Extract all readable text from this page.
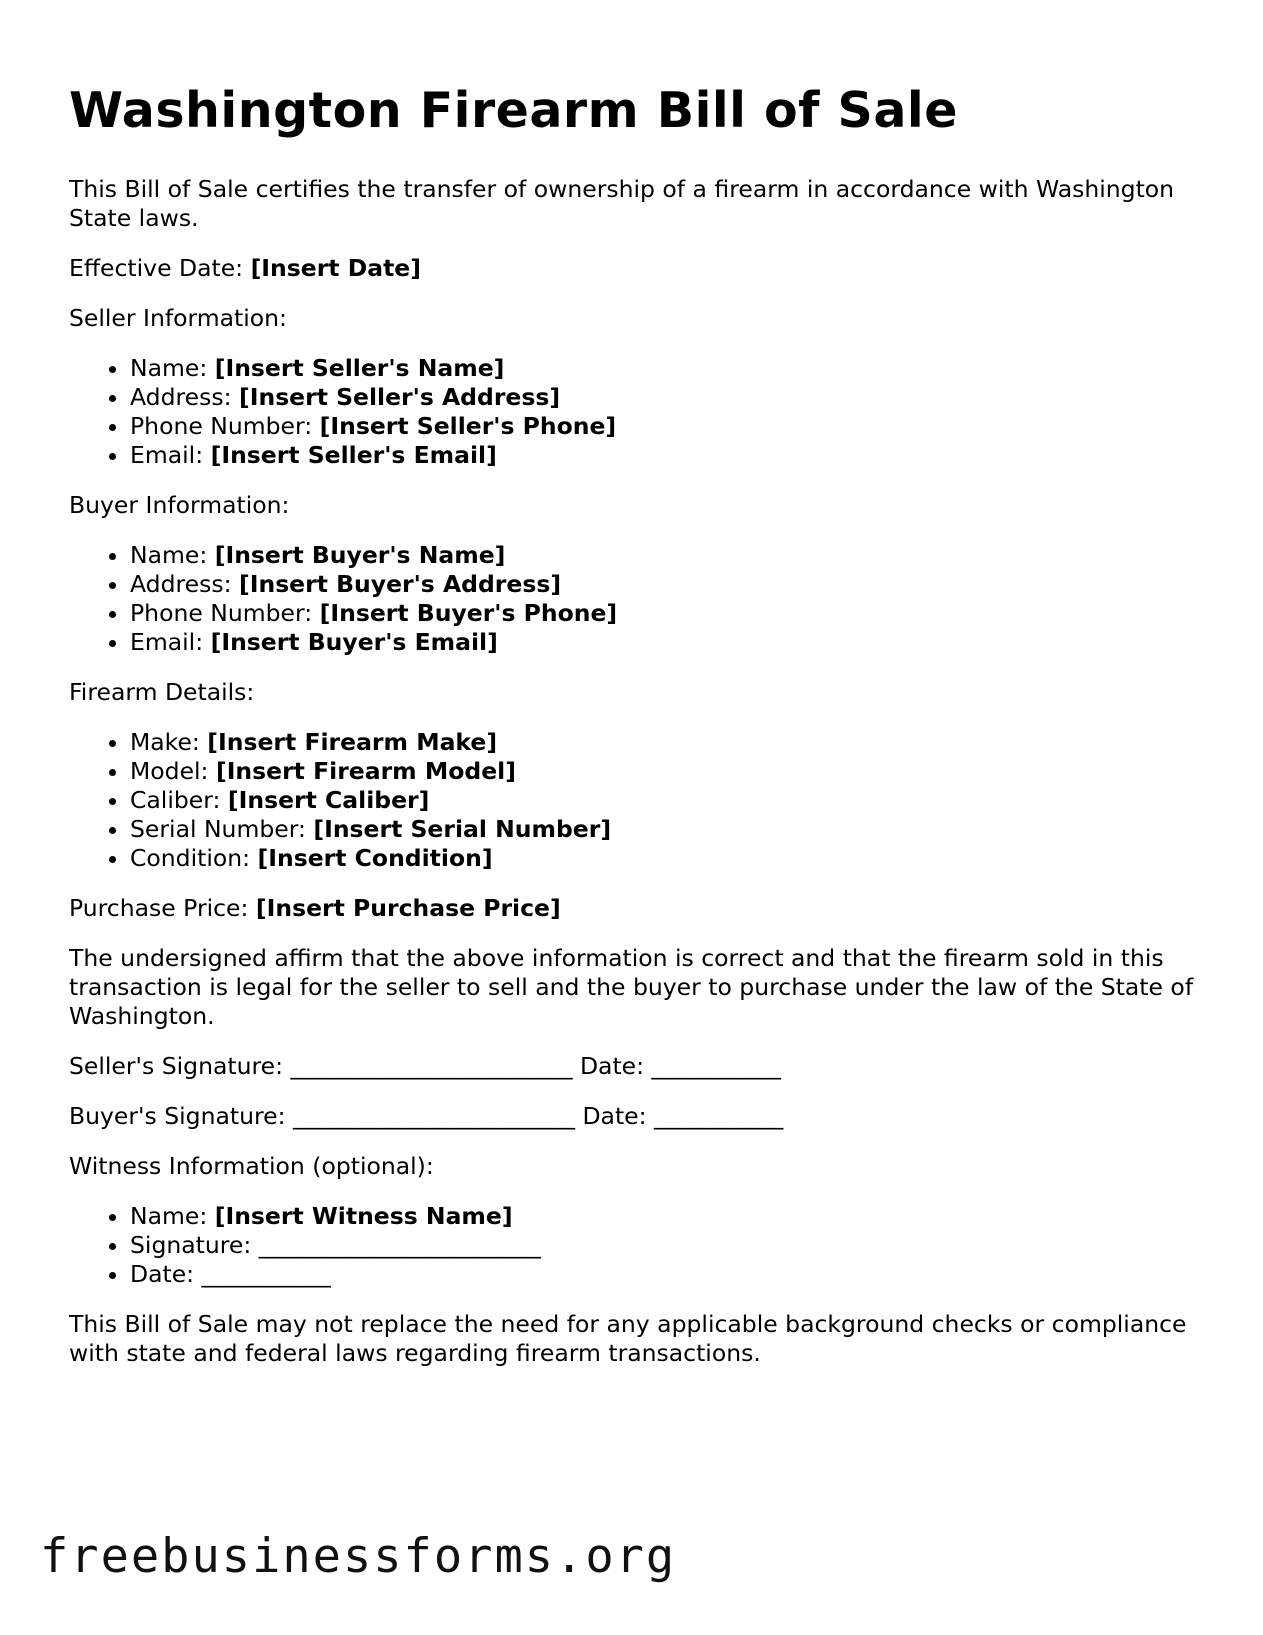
Washington Firearm Bill of Sale

This Bill of Sale certifies the transfer of ownership of a firearm in accordance with Washington State laws.

Effective Date: [Insert Date]

Seller Information:

• Name: [Insert Seller's Name]
• Address: [Insert Seller's Address]
• Phone Number: [Insert Seller's Phone]
• Email: [Insert Seller's Email]

Buyer Information:

• Name: [Insert Buyer's Name]
• Address: [Insert Buyer's Address]
• Phone Number: [Insert Buyer's Phone]
• Email: [Insert Buyer's Email]

Firearm Details:

• Make: [Insert Firearm Make]
• Model: [Insert Firearm Model]
• Caliber: [Insert Caliber]
• Serial Number: [Insert Serial Number]
• Condition: [Insert Condition]

Purchase Price: [Insert Purchase Price]

The undersigned affirm that the above information is correct and that the firearm sold in this transaction is legal for the seller to sell and the buyer to purchase under the law of the State of Washington.

Seller's Signature: ________________________ Date: ___________

Buyer's Signature: ________________________ Date: ___________

Witness Information (optional):

• Name: [Insert Witness Name]
• Signature: ________________________
• Date: ___________

This Bill of Sale may not replace the need for any applicable background checks or compliance with state and federal laws regarding firearm transactions.

freebusinessforms.org
